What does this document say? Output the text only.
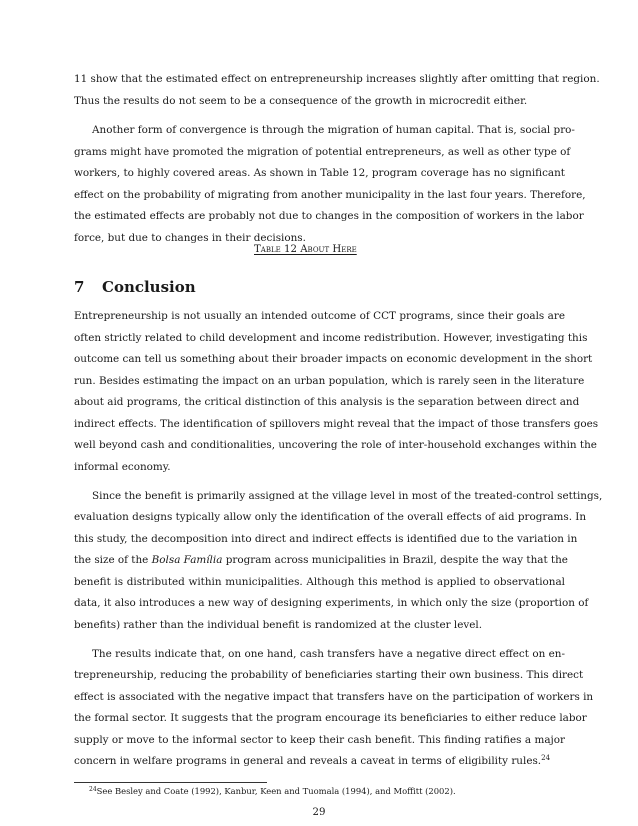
11 show that the estimated effect on entrepreneurship increases slightly after omitting that region.
Thus the results do not seem to be a consequence of the growth in microcredit either.
Another form of convergence is through the migration of human capital. That is, social pro-
grams might have promoted the migration of potential entrepreneurs, as well as other type of
workers, to highly covered areas. As shown in Table 12, program coverage has no significant
effect on the probability of migrating from another municipality in the last four years. Therefore,
the estimated effects are probably not due to changes in the composition of workers in the labor
force, but due to changes in their decisions.
Table 12 About Here
7 Conclusion
Entrepreneurship is not usually an intended outcome of CCT programs, since their goals are
often strictly related to child development and income redistribution. However, investigating this
outcome can tell us something about their broader impacts on economic development in the short
run. Besides estimating the impact on an urban population, which is rarely seen in the literature
about aid programs, the critical distinction of this analysis is the separation between direct and
indirect effects. The identification of spillovers might reveal that the impact of those transfers goes
well beyond cash and conditionalities, uncovering the role of inter-household exchanges within the
informal economy.
Since the benefit is primarily assigned at the village level in most of the treated-control settings,
evaluation designs typically allow only the identification of the overall effects of aid programs. In
this study, the decomposition into direct and indirect effects is identified due to the variation in
the size of the Bolsa Família program across municipalities in Brazil, despite the way that the
benefit is distributed within municipalities. Although this method is applied to observational
data, it also introduces a new way of designing experiments, in which only the size (proportion of
benefits) rather than the individual benefit is randomized at the cluster level.
The results indicate that, on one hand, cash transfers have a negative direct effect on en-
trepreneurship, reducing the probability of beneficiaries starting their own business. This direct
effect is associated with the negative impact that transfers have on the participation of workers in
the formal sector. It suggests that the program encourage its beneficiaries to either reduce labor
supply or move to the informal sector to keep their cash benefit. This finding ratifies a major
concern in welfare programs in general and reveals a caveat in terms of eligibility rules.$^{24}$
$^{24}$See Besley and Coate (1992), Kanbur, Keen and Tuomala (1994), and Moffitt (2002).
29
